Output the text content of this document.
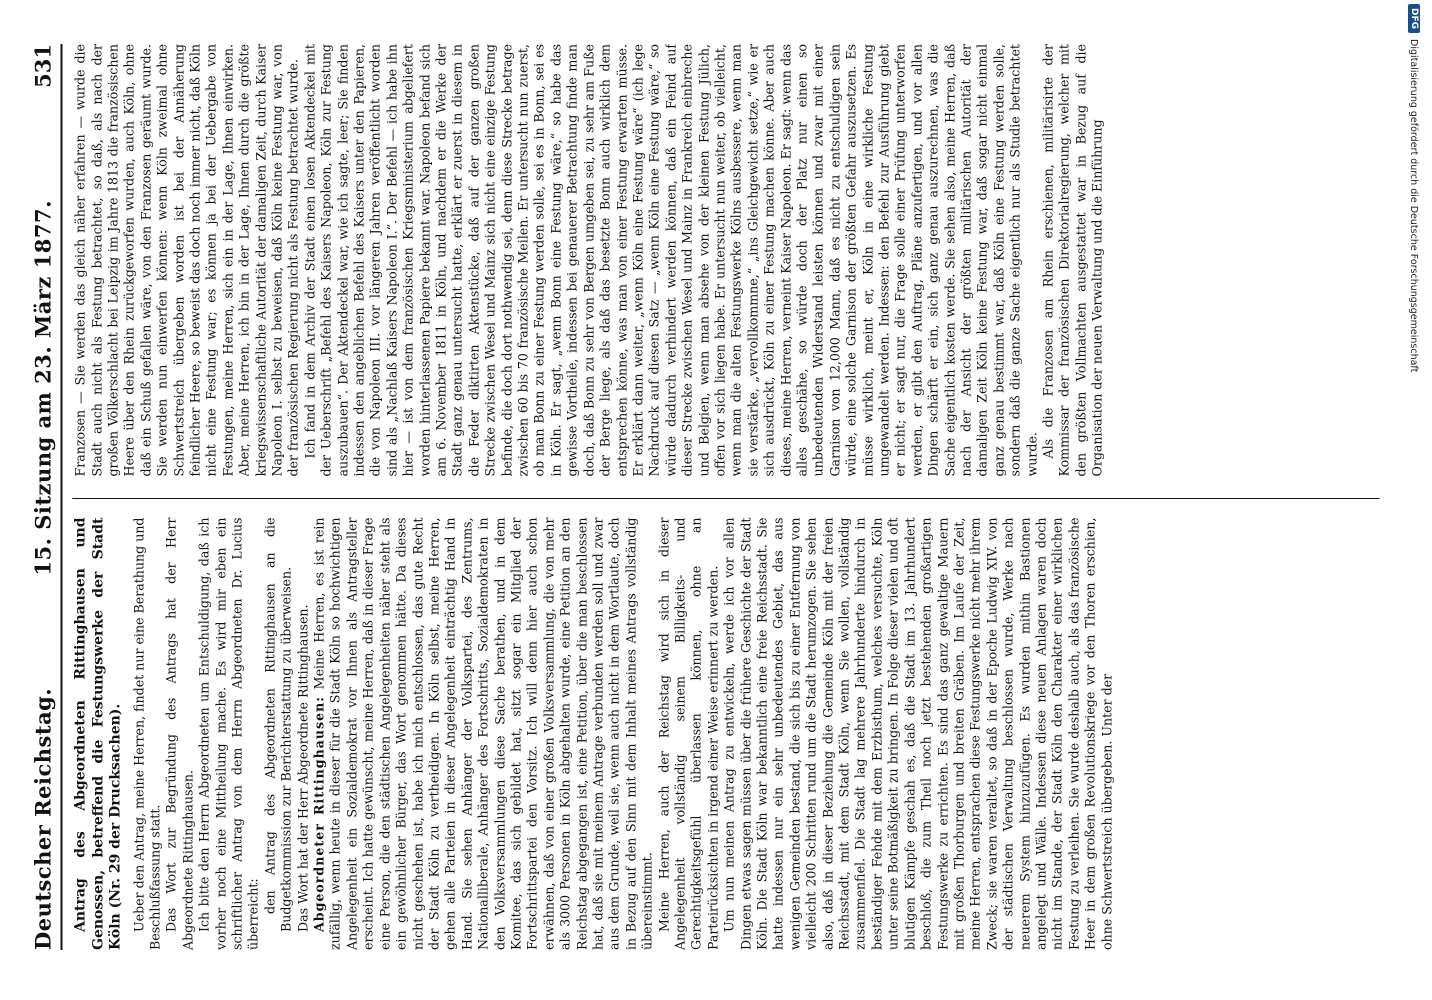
Deutscher Reichstag.
15. Sitzung am 23. März 1877.
531
Antrag des Abgeordneten Rittinghausen und Genossen, betreffend die Festungswerke der Stadt Köln (Nr. 29 der Drucksachen). Ueber den Antrag, meine Herren, findet nur eine Berathung und Beschlußfassung statt. Das Wort zur Begründung des Antrags hat der Herr Abgeordnete Rittinghausen. Ich bitte den Herrn Abgeordneten um Entschuldigung, daß ich vorher noch eine Mittheilung mache. Es wird mir eben ein schriftlicher Antrag von dem Herrn Abgeordneten Dr. Lucius überreicht:

den Antrag des Abgeordneten Rittinghausen an die Budgetkommission zur Berichterstattung zu überweisen. Das Wort hat der Herr Abgeordnete Rittinghausen. Abgeordneter Rittinghausen: Meine Herren, es ist rein zufällig, wenn heute in dieser für die Stadt Köln so hochwichtigen Angelegenheit ein Sozialdemokrat vor Ihnen als Antragsteller erscheint. Ich hatte gewünscht, meine Herren, daß in dieser Frage eine Person, die den städtischen Angelegenheiten näher steht als ein gewöhnlicher Bürger, das Wort genommen hätte. Da dieses nicht geschehen ist, habe ich mich entschlossen, das gute Recht der Stadt Köln zu vertheidigen. In Köln selbst, meine Herren, gehen alle Parteien in dieser Angelegenheit einträchtig Hand in Hand. Sie sehen Anhänger der Volkspartei, des Zentrums, Nationalliberale, Anhänger des Fortschritts, Sozialdemokraten in den Volksversammlungen diese Sache berathen, und in dem Komitee, das sich gebildet hat, sitzt sogar ein Mitglied der Fortschrittspartei den Vorsitz. Ich will denn hier auch schon erwähnen, daß von einer großen Volksversammlung, die von mehr als 3000 Personen in Köln abgehalten wurde, eine Petition an den Reichstag abgegangen ist, eine Petition, über die man beschlossen hat, daß sie mit meinem Antrage verbunden werden soll und zwar aus dem Grunde, weil sie, wenn auch nicht in dem Wortlaute, doch in Bezug auf den Sinn mit dem Inhalt meines Antrags vollständig übereinstimmt. Meine Herren, auch der Reichstag wird sich in dieser Angelegenheit vollständig seinem Billigkeits- und Gerechtigkeitsgefühl überlassen können, ohne an Parteirücksichten in irgend einer Weise erinnert zu werden. Um nun meinen Antrag zu entwickeln, werde ich vor allen Dingen etwas sagen müssen über die frühere Geschichte der Stadt Köln. Die Stadt Köln war bekanntlich eine freie Reichsstadt. Sie hatte indessen nur ein sehr unbedeutendes Gebiet, das aus wenigen Gemeinden bestand, die sich bis zu einer Entfernung von vielleicht 200 Schritten rund um die Stadt herumzogen. Sie sehen also, daß in dieser Beziehung die Gemeinde Köln mit der freien Reichsstadt, mit dem Stadt Köln, wenn Sie wollen, vollständig zusammenfiel. Die Stadt lag mehrere Jahrhunderte hindurch in beständiger Fehde mit dem Erzbisthum, welches versuchte, Köln unter seine Botmäßigkeit zu bringen. In Folge dieser vielen und oft blutigen Kämpfe geschah es, daß die Stadt im 13. Jahrhundert beschloß, die zum Theil noch jetzt bestehenden großartigen Festungswerke zu errichten. Es sind das ganz gewaltige Mauern mit großen Thorburgen und breiten Gräben. Im Laufe der Zeit, meine Herren, entsprachen diese Festungswerke nicht mehr ihrem Zweck; sie waren veraltet, so daß in der Epoche Ludwig XIV. von der städtischen Verwaltung beschlossen wurde, Werke nach neuerem System hinzuzufügen. Es wurden mithin Bastionen angelegt und Wälle. Indessen diese neuen Anlagen waren doch nicht im Stande, der Stadt Köln den Charakter einer wirklichen Festung zu verleihen. Sie wurde deshalb auch, als das französische Heer in dem großen Revolutionskriege vor den Thoren erschien, ohne Schwertstreich übergeben. Unter der

Franzosen — Sie werden das gleich näher erfahren — wurde die Stadt auch nicht als Festung betrachtet, so daß, als nach der großen Völkerschlacht bei Leipzig im Jahre 1813 die französischen Heere über den Rhein zurückgeworfen wurden, auch Köln, ohne daß ein Schuß gefallen wäre, von den Franzosen geräumt wurde. Sie werden nun einwerfen können: wenn Köln zweimal ohne Schwertstreich übergeben worden ist bei der Annäherung feindlicher Heere, so beweist das doch noch immer nicht, daß Köln nicht eine Festung war; es können ja bei der Uebergabe von Festungen, meine Herren, sich ein in der Lage, Ihnen einwirken. Aber, meine Herren, ich bin in der Lage, Ihnen durch die größte kriegswissenschaftliche Autorität der damaligen Zeit, durch Kaiser Napoleon I. selbst zu beweisen, daß Köln keine Festung war, von der französischen Regierung nicht als Festung betrachtet wurde. Ich fand in dem Archiv der Stadt einen losen Aktendeckel mit der Ueberschrift „Befehl des Kaisers Napoleon, Köln zur Festung auszubauen“. Der Aktendeckel war, wie ich sagte, leer; Sie finden indessen den angeblichen Befehl des Kaisers unter den Papieren, die von Napoleon III. vor längeren Jahren veröffentlicht worden sind als „Nachlaß Kaisers Napoleon I.“. Der Befehl — ich habe ihn hier — ist von dem französischen Kriegsministerium abgeliefert worden hinterlassenen Papiere bekannt war. Napoleon befand sich am 6. November 1811 in Köln, und nachdem er die Werke der Stadt ganz genau untersucht hatte, erklärt er zuerst in diesem in die Feder diktirten Aktenstücke, daß auf der ganzen großen Strecke zwischen Wesel und Mainz sich nicht eine einzige Festung befinde, die doch dort nothwendig sei, denn diese Strecke betrage zwischen 60 bis 70 französische Meilen. Er untersucht nun zuerst, ob man Bonn zu einer Festung werden solle, sei es in Bonn, sei es in Köln. Er sagt, „wenn Bonn eine Festung wäre,“ so habe das gewisse Vortheile, indessen bei genauerer Betrachtung finde man doch, daß Bonn zu sehr von Bergen umgeben sei, zu sehr am Fuße der Berge liege, als daß das besetzte Bonn auch wirklich dem entsprechen könne, was man von einer Festung erwarten müsse. Er erklärt dann weiter, „wenn Köln eine Festung wäre“ (ich lege Nachdruck auf diesen Satz — „wenn Köln eine Festung wäre,“ so würde dadurch verhindert werden können, daß ein Feind auf dieser Strecke zwischen Wesel und Mainz in Frankreich einbreche und Belgien, wenn man absehe von der kleinen Festung Jülich, offen vor sich liegen habe. Er untersucht nun weiter, ob vielleicht, wenn man die alten Festungswerke Kölns ausbessere, wenn man sie verstärke, „vervollkommne,“ „ins Gleichgewicht setze,“ wie er sich ausdrückt, Köln zu einer Festung machen könne. Aber auch dieses, meine Herren, verneint Kaiser Napoleon. Er sagt: wenn das alles geschähe, so würde doch der Platz nur einen so unbedeutenden Widerstand leisten können und zwar mit einer Garnison von 12,000 Mann, daß es nicht zu entschuldigen sein würde, eine solche Garnison der größten Gefahr auszusetzen. Es müsse wirklich, meint er, Köln in eine wirkliche Festung umgewandelt werden. Indessen: den Befehl zur Ausführung giebt er nicht; er sagt nur, die Frage solle einer Prüfung unterworfen werden, er gibt den Auftrag, Pläne anzufertigen, und vor allen Dingen schärft er ein, sich ganz genau auszurechnen, was die Sache eigentlich kosten werde. Sie sehen also, meine Herren, daß nach der Ansicht der größten militärischen Autorität der damaligen Zeit Köln keine Festung war, daß sogar nicht einmal ganz genau bestimmt war, daß Köln eine Festung werden solle, sondern daß die ganze Sache eigentlich nur als Studie betrachtet wurde. Als die Franzosen am Rhein erschienen, militärisirte der Kommissar der französischen Direktorialregierung, welcher mit den größten Vollmachten ausgestattet war in Bezug auf die Organisation der neuen Verwaltung und die Einführung

DFG
Digitalisierung gefördert durch die Deutsche Forschungsgemeinschaft
